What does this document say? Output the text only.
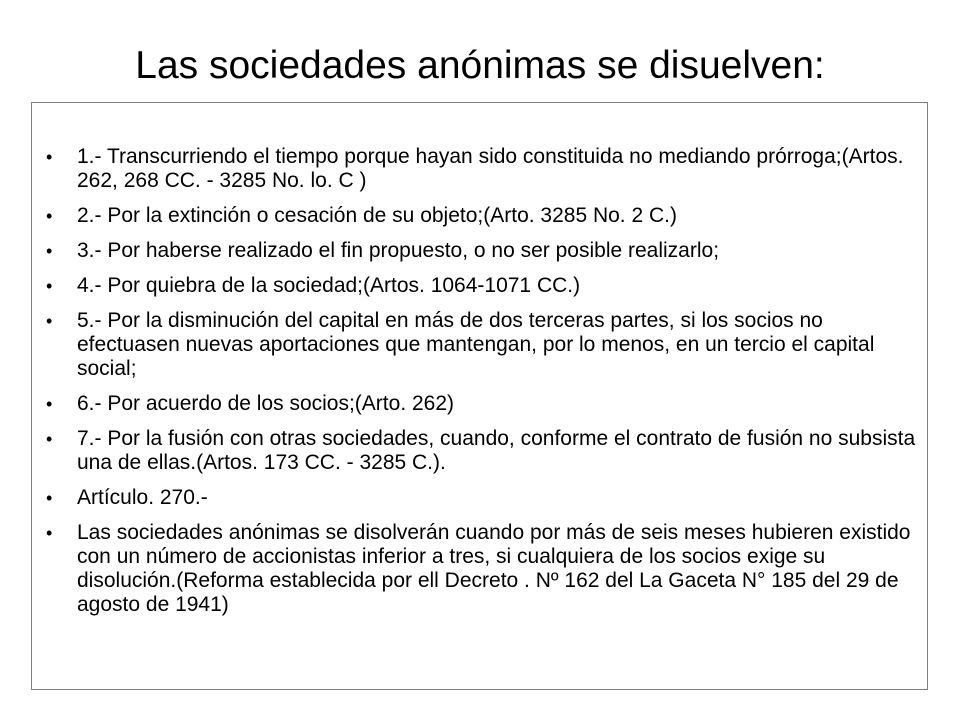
Las sociedades anónimas se disuelven:
• 1.- Transcurriendo el tiempo porque hayan sido constituida no mediando prórroga;(Artos. 262, 268 CC. - 3285 No. lo. C )
• 2.- Por la extinción o cesación de su objeto;(Arto. 3285 No. 2 C.)
• 3.- Por haberse realizado el fin propuesto, o no ser posible realizarlo;
• 4.- Por quiebra de la sociedad;(Artos. 1064-1071 CC.)
• 5.- Por la disminución del capital en más de dos terceras partes, si los socios no efectuasen nuevas aportaciones que mantengan, por lo menos, en un tercio el capital social;
• 6.- Por acuerdo de los socios;(Arto. 262)
• 7.- Por la fusión con otras sociedades, cuando, conforme el contrato de fusión no subsista una de ellas.(Artos. 173 CC. - 3285 C.).
• Artículo. 270.-
• Las sociedades anónimas se disolverán cuando por más de seis meses hubieren existido con un número de accionistas inferior a tres, si cualquiera de los socios exige su disolución.(Reforma establecida por ell Decreto . Nº 162 del La Gaceta N° 185 del 29 de agosto de 1941)
